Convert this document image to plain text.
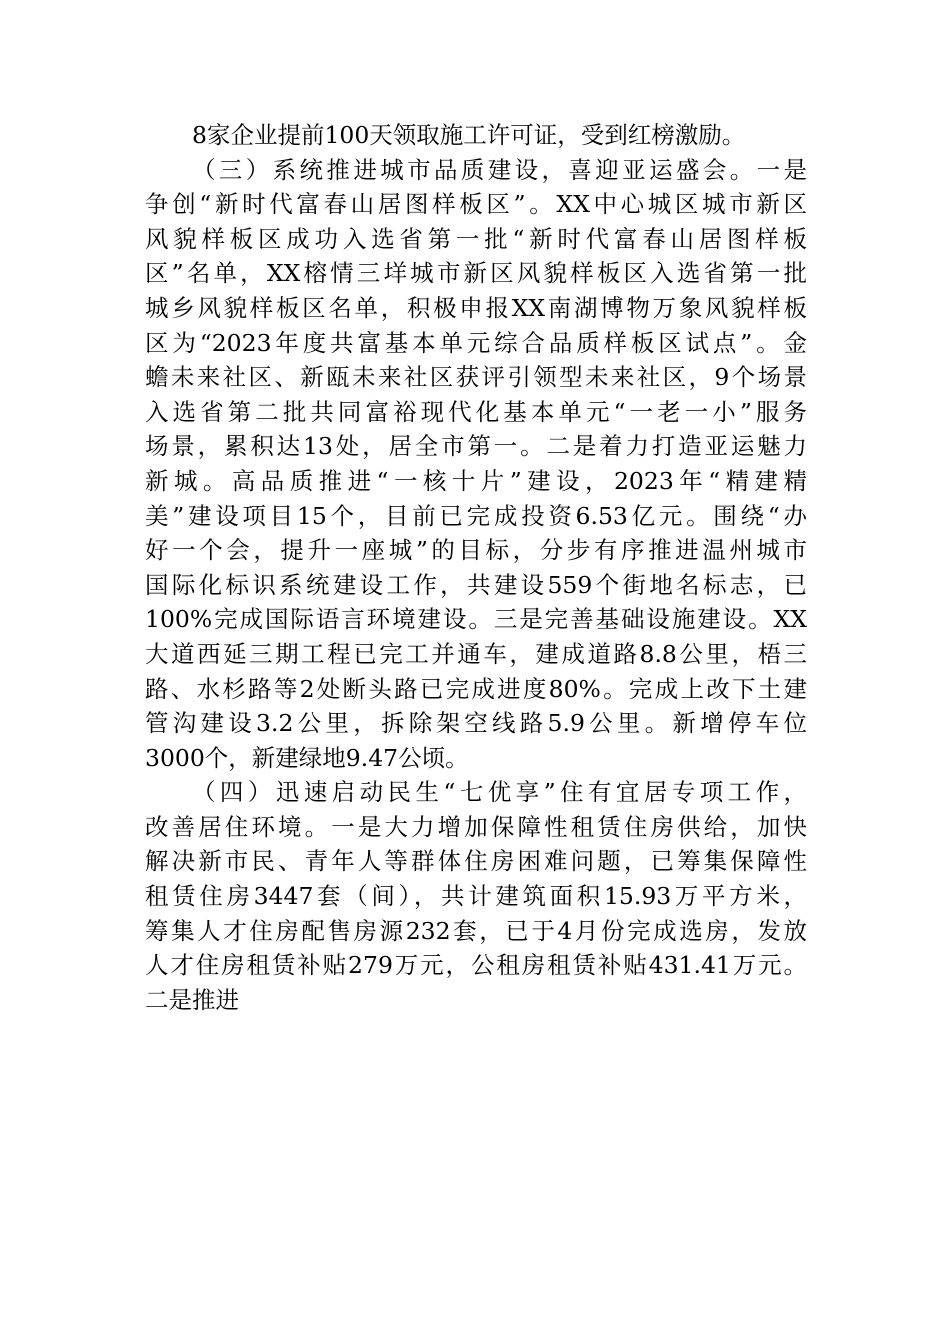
8家企业提前100天领取施工许可证，受到红榜激励。
（三）系统推进城市品质建设，喜迎亚运盛会。一是
争创“新时代富春山居图样板区”。XX中心城区城市新区
风貌样板区成功入选省第一批“新时代富春山居图样板
区”名单，XX榕情三垟城市新区风貌样板区入选省第一批
城乡风貌样板区名单，积极申报XX南湖博物万象风貌样板
区为“2023年度共富基本单元综合品质样板区试点”。金
蟾未来社区、新瓯未来社区获评引领型未来社区，9个场景
入选省第二批共同富裕现代化基本单元“一老一小”服务
场景，累积达13处，居全市第一。二是着力打造亚运魅力
新城。高品质推进“一核十片”建设，2023年“精建精
美”建设项目15个，目前已完成投资6.53亿元。围绕“办
好一个会，提升一座城”的目标，分步有序推进温州城市
国际化标识系统建设工作，共建设559个街地名标志，已
100%完成国际语言环境建设。三是完善基础设施建设。XX
大道西延三期工程已完工并通车，建成道路8.8公里，梧三
路、水杉路等2处断头路已完成进度80%。完成上改下土建
管沟建设3.2公里，拆除架空线路5.9公里。新增停车位
3000个，新建绿地9.47公顷。
（四）迅速启动民生“七优享”住有宜居专项工作，
改善居住环境。一是大力增加保障性租赁住房供给，加快
解决新市民、青年人等群体住房困难问题，已筹集保障性
租赁住房3447套（间），共计建筑面积15.93万平方米，
筹集人才住房配售房源232套，已于4月份完成选房，发放
人才住房租赁补贴279万元，公租房租赁补贴431.41万元。
二是推进
